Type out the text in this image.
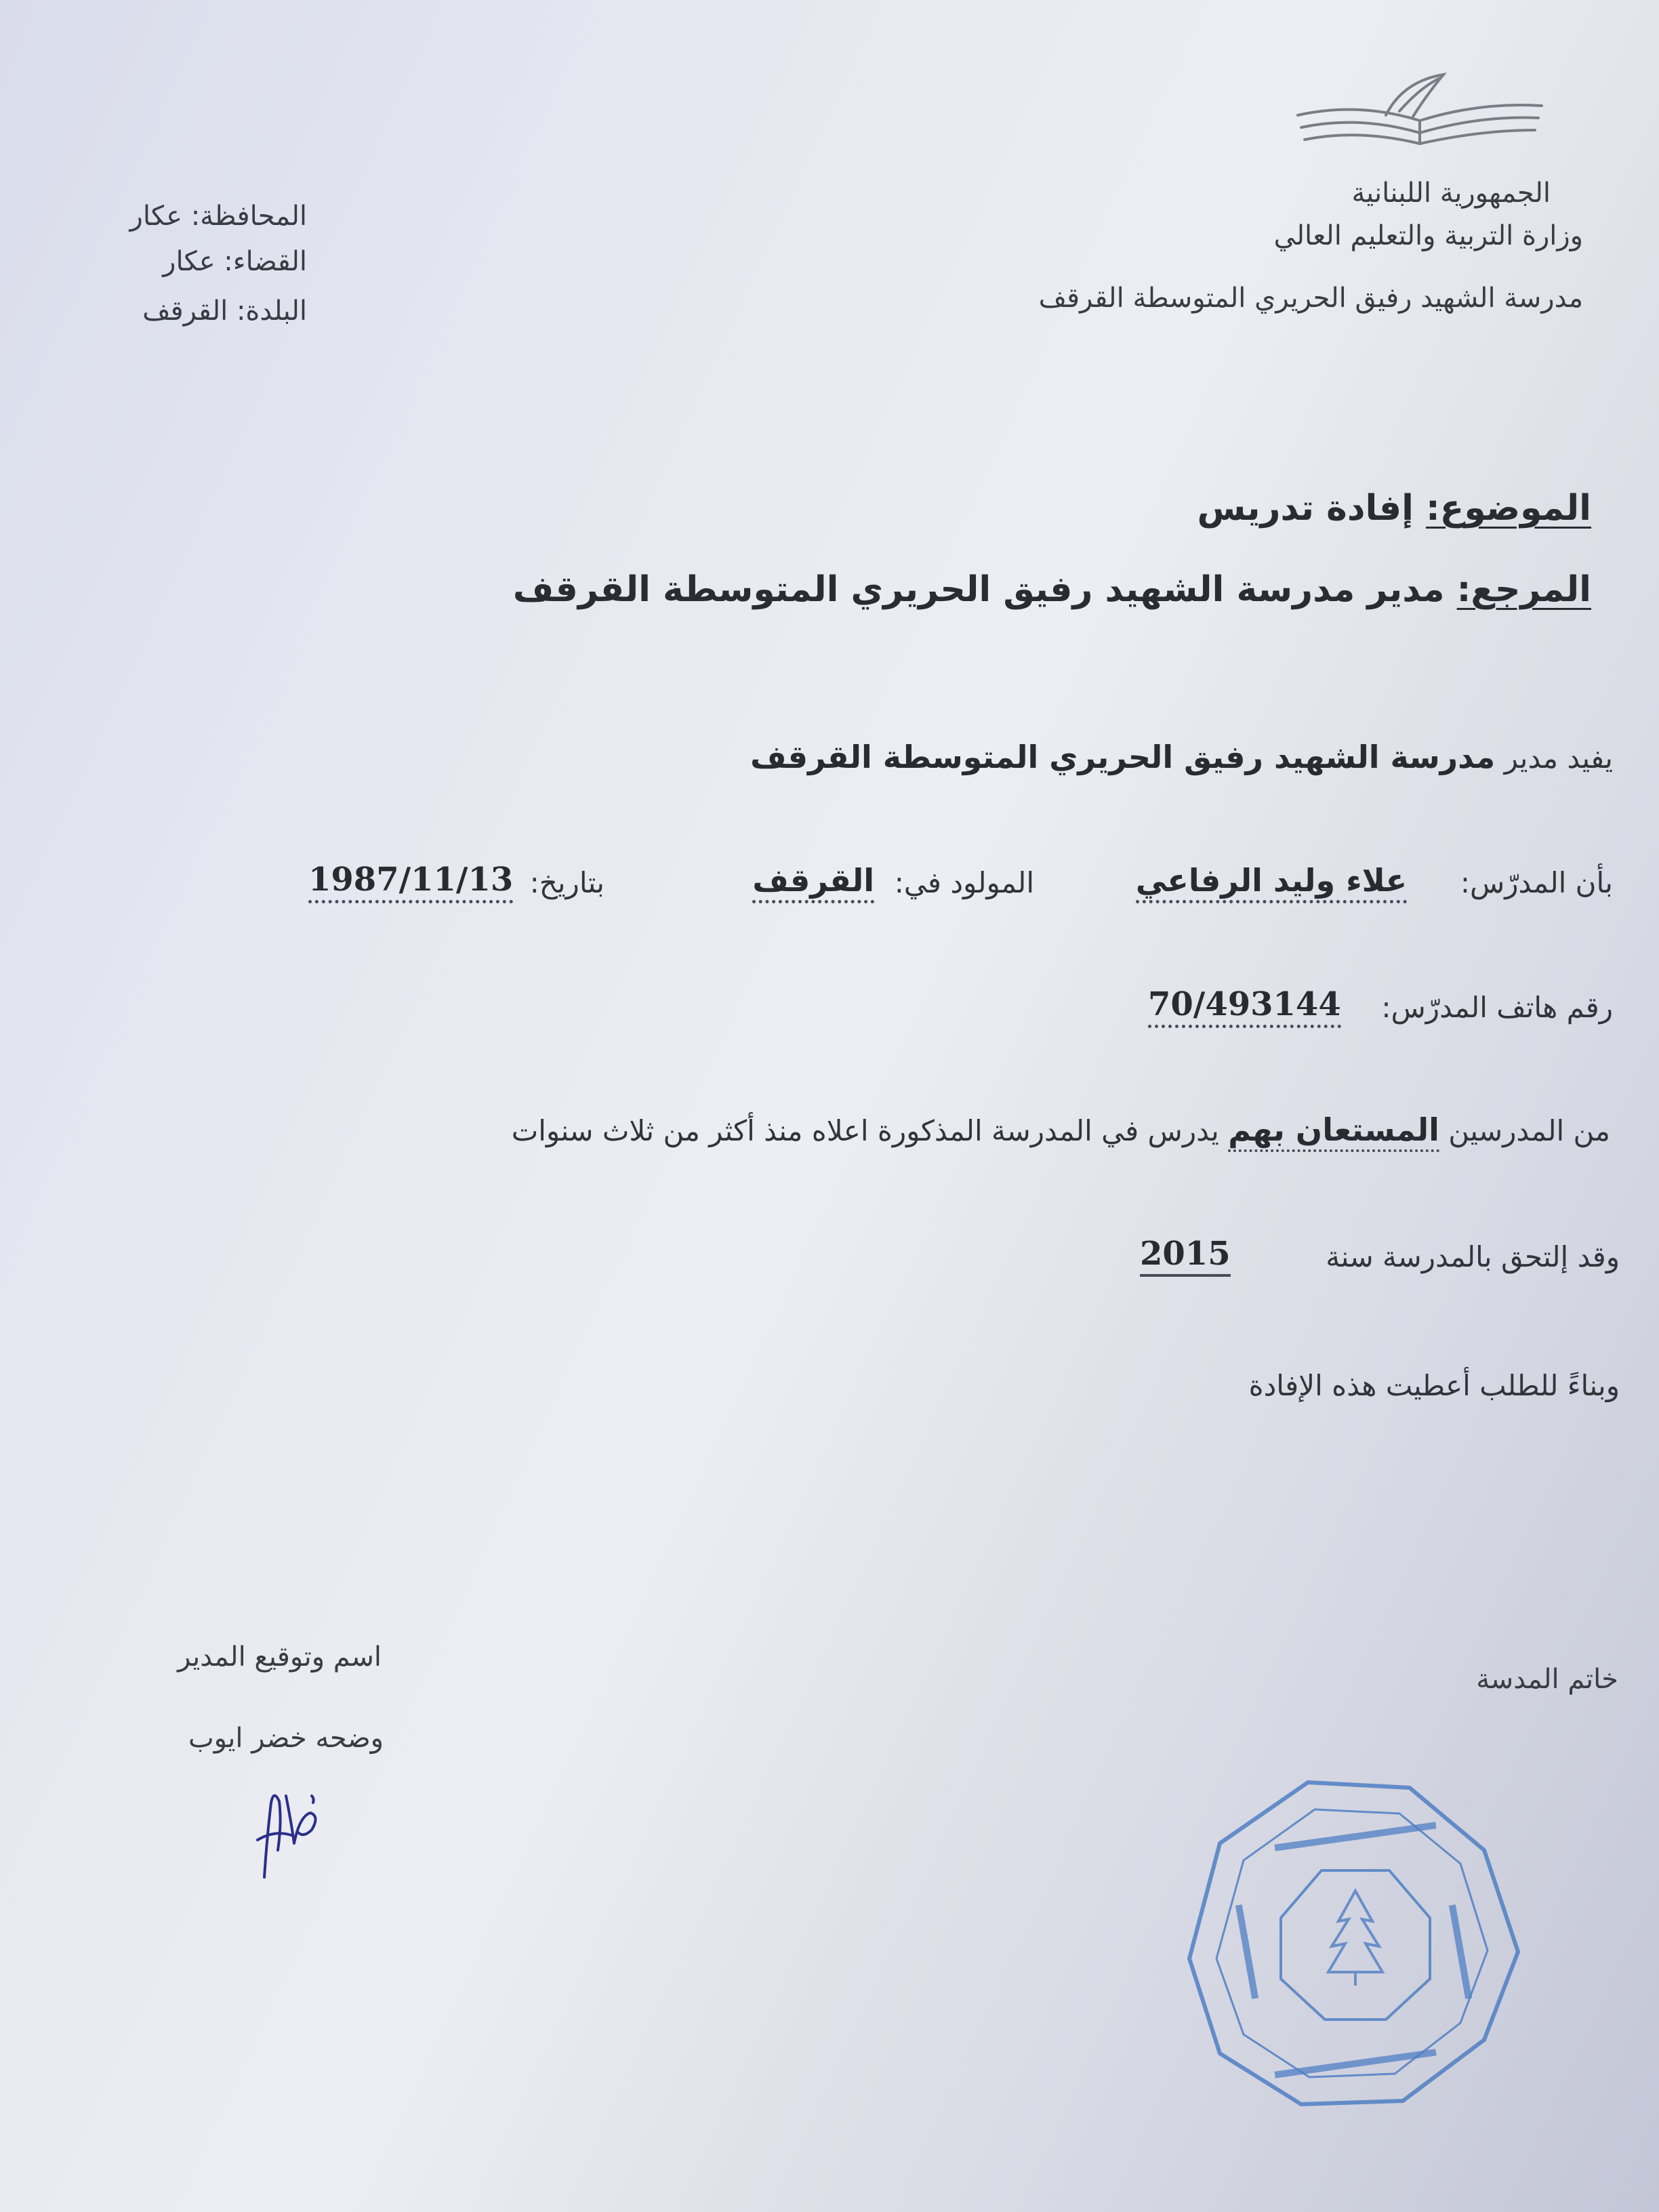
الجمهورية اللبنانية
وزارة التربية والتعليم العالي
مدرسة الشهيد رفيق الحريري المتوسطة القرقف
المحافظة: عكار
القضاء: عكار
البلدة: القرقف
الموضوع: إفادة تدريس
المرجع: مدير مدرسة الشهيد رفيق الحريري المتوسطة القرقف
يفيد مدير مدرسة الشهيد رفيق الحريري المتوسطة القرقف
بأن المدرّس:
علاء وليد الرفاعي
المولود في:
القرقف
بتاريخ:
1987/11/13
رقم هاتف المدرّس:
70/493144
من المدرسين المستعان بهم يدرس في المدرسة المذكورة اعلاه منذ أكثر من ثلاث سنوات
وقد إلتحق بالمدرسة سنة
2015
وبناءً للطلب أعطيت هذه الإفادة
خاتم المدسة
اسم وتوقيع المدير
وضحه خضر ايوب
